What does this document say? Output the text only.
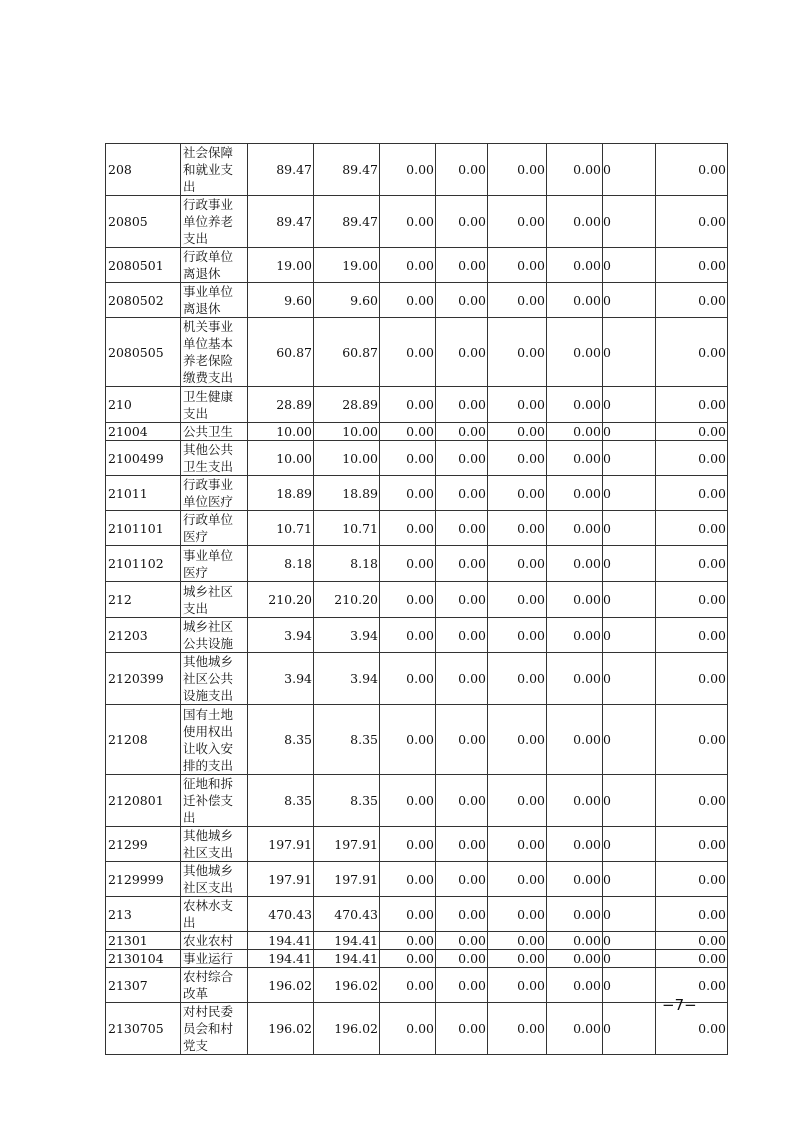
208	社会保障和就业支出	89.47	89.47	0.00	0.00	0.00	0.00	0	0.00
20805	行政事业单位养老支出	89.47	89.47	0.00	0.00	0.00	0.00	0	0.00
2080501	行政单位离退休	19.00	19.00	0.00	0.00	0.00	0.00	0	0.00
2080502	事业单位离退休	9.60	9.60	0.00	0.00	0.00	0.00	0	0.00
2080505	机关事业单位基本养老保险缴费支出	60.87	60.87	0.00	0.00	0.00	0.00	0	0.00
210	卫生健康支出	28.89	28.89	0.00	0.00	0.00	0.00	0	0.00
21004	公共卫生	10.00	10.00	0.00	0.00	0.00	0.00	0	0.00
2100499	其他公共卫生支出	10.00	10.00	0.00	0.00	0.00	0.00	0	0.00
21011	行政事业单位医疗	18.89	18.89	0.00	0.00	0.00	0.00	0	0.00
2101101	行政单位医疗	10.71	10.71	0.00	0.00	0.00	0.00	0	0.00
2101102	事业单位医疗	8.18	8.18	0.00	0.00	0.00	0.00	0	0.00
212	城乡社区支出	210.20	210.20	0.00	0.00	0.00	0.00	0	0.00
21203	城乡社区公共设施	3.94	3.94	0.00	0.00	0.00	0.00	0	0.00
2120399	其他城乡社区公共设施支出	3.94	3.94	0.00	0.00	0.00	0.00	0	0.00
21208	国有土地使用权出让收入安排的支出	8.35	8.35	0.00	0.00	0.00	0.00	0	0.00
2120801	征地和拆迁补偿支出	8.35	8.35	0.00	0.00	0.00	0.00	0	0.00
21299	其他城乡社区支出	197.91	197.91	0.00	0.00	0.00	0.00	0	0.00
2129999	其他城乡社区支出	197.91	197.91	0.00	0.00	0.00	0.00	0	0.00
213	农林水支出	470.43	470.43	0.00	0.00	0.00	0.00	0	0.00
21301	农业农村	194.41	194.41	0.00	0.00	0.00	0.00	0	0.00
2130104	事业运行	194.41	194.41	0.00	0.00	0.00	0.00	0	0.00
21307	农村综合改革	196.02	196.02	0.00	0.00	0.00	0.00	0	0.00
2130705	对村民委员会和村党支	196.02	196.02	0.00	0.00	0.00	0.00	0	0.00
−7−
